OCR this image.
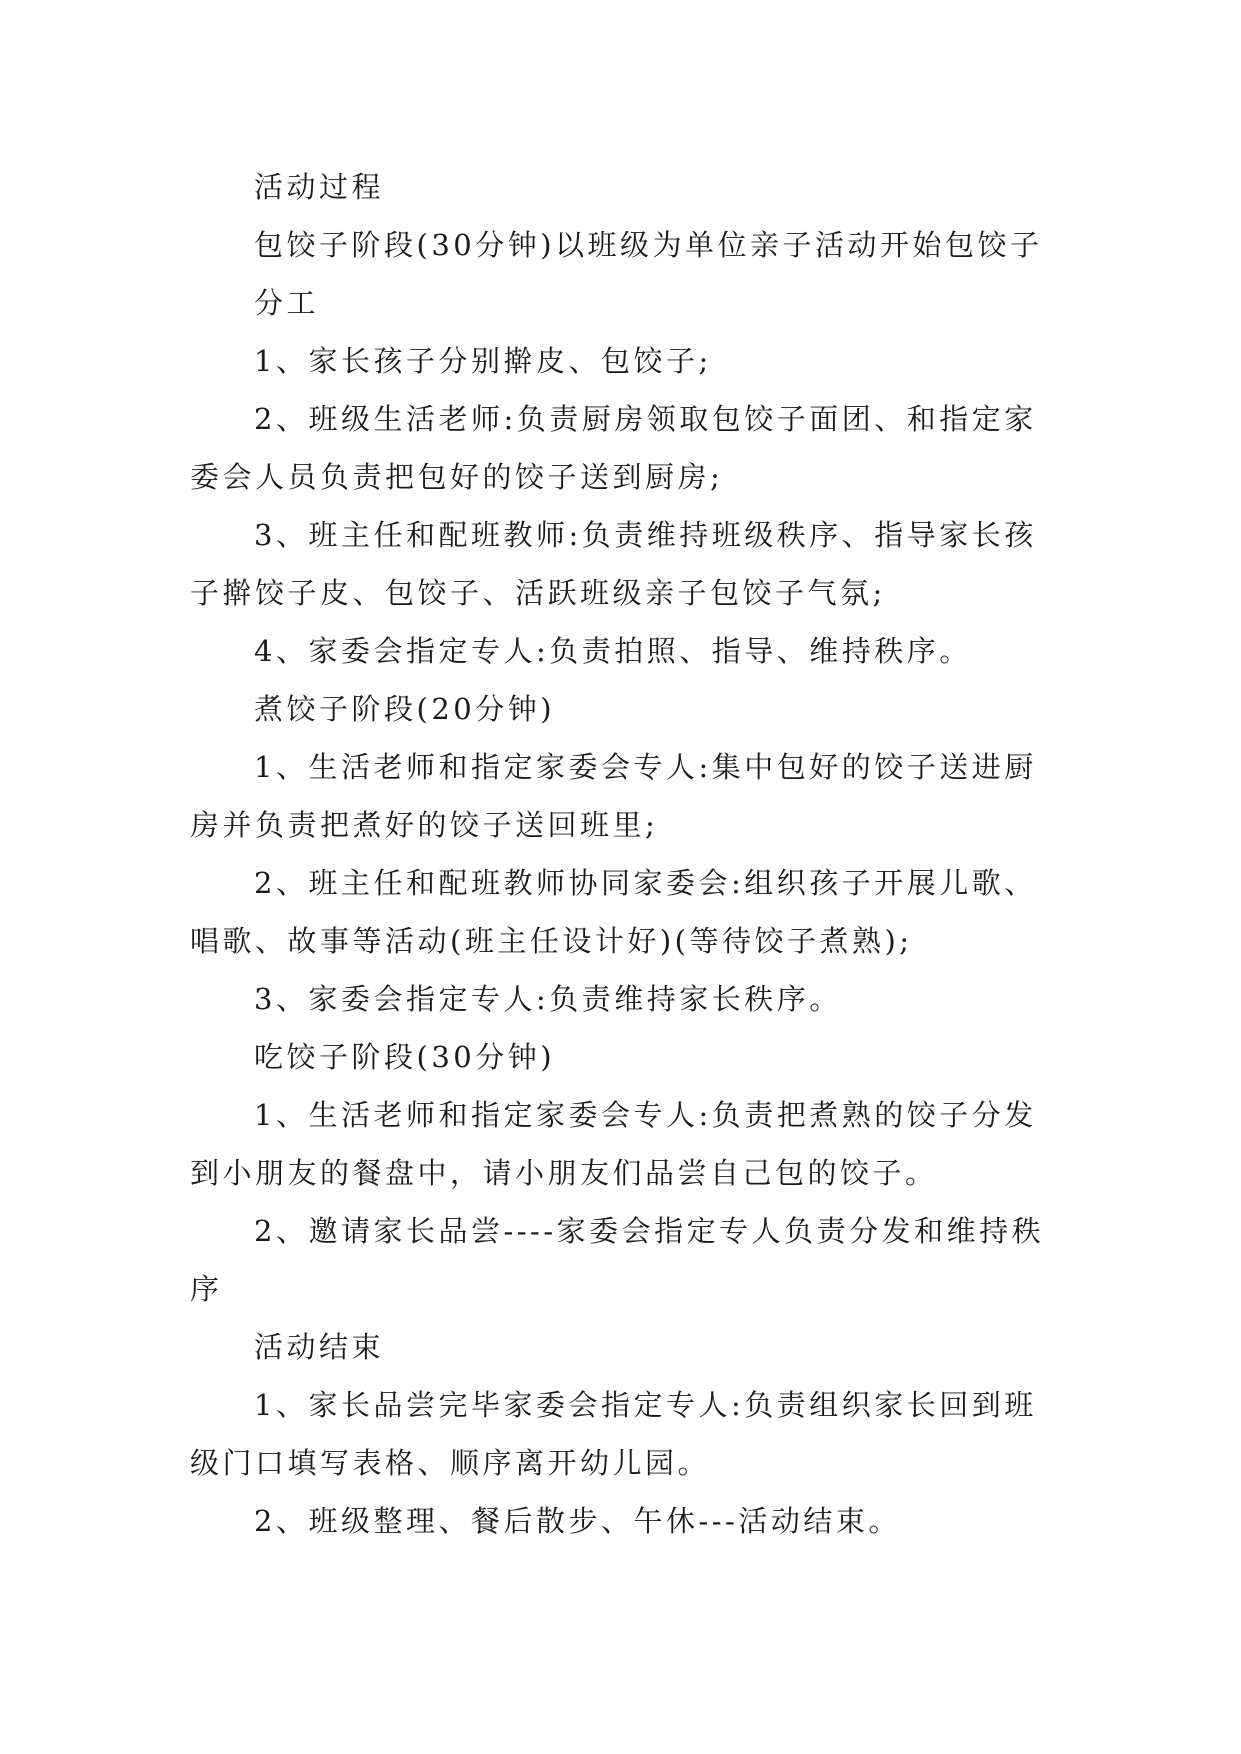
活动过程

包饺子阶段(30分钟)以班级为单位亲子活动开始包饺子

分工

1、家长孩子分别擀皮、包饺子;

2、班级生活老师:负责厨房领取包饺子面团、和指定家委会人员负责把包好的饺子送到厨房;

3、班主任和配班教师:负责维持班级秩序、指导家长孩子擀饺子皮、包饺子、活跃班级亲子包饺子气氛;

4、家委会指定专人:负责拍照、指导、维持秩序。

煮饺子阶段(20分钟)

1、生活老师和指定家委会专人:集中包好的饺子送进厨房并负责把煮好的饺子送回班里;

2、班主任和配班教师协同家委会:组织孩子开展儿歌、唱歌、故事等活动(班主任设计好)(等待饺子煮熟);

3、家委会指定专人:负责维持家长秩序。

吃饺子阶段(30分钟)

1、生活老师和指定家委会专人:负责把煮熟的饺子分发到小朋友的餐盘中，请小朋友们品尝自己包的饺子。

2、邀请家长品尝----家委会指定专人负责分发和维持秩序

活动结束

1、家长品尝完毕家委会指定专人:负责组织家长回到班级门口填写表格、顺序离开幼儿园。

2、班级整理、餐后散步、午休---活动结束。
